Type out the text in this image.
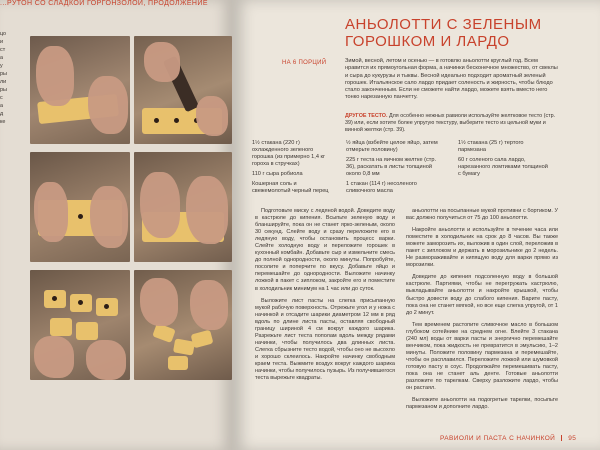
...РУТОН СО СЛАДКОЙ ГОРГОНЗОЛОЙ, ПРОДОЛЖЕНИЕ
цо
и
ст
а
у
ры
ли
ры
с
а
д
ке
АНЬОЛОТТИ С ЗЕЛЕНЫМ ГОРОШКОМ И ЛАРДО
НА 6 ПОРЦИЙ	Зимой, весной, летом и осенью — в готовлю аньолотти круглый год. Всем нравится их прямоугольная форма, а начинки бесконечное множество, от свеклы и сыра до кукурузы и тыквы. Весной идеально подходит ароматный зеленый горошек. Итальянское сало лардо придает соленость и жирность, чтобы блюдо стало законченным. Если не сможете найти лардо, можете взять вместо него тонко нарезанную панчетту.
ДРУГОЕ ТЕСТО. Для особенно нежных равиоли используйте желтковое тесто (стр. 39) или, если хотите более упругую текстуру, выберите тесто из цельной муки и винной желтки (стр. 39).
1½ стакана (220 г) охлажденного зеленого горошка (из примерно 1,4 кг гороха в стручках)
110 г сыра робиола
Кошерная соль и свежемолотый черный перец
½ яйца (взбейте целое яйцо, затем отмерьте половину)
225 г теста на яичном желтке (стр. 36), раскатать в листы толщиной около 0,8 мм
1 стакан (114 г) несоленого сливочного масла
1½ стакана (25 г) тертого пармезана
60 г соленого сала лардо, нарезанного ломтиками толщиной с бумагу

Подготовьте миску с ледяной водой. Доведите воду в кастрюле до кипения. Всыпьте зеленую воду и бланшируйте, пока он не станет ярко-зеленым, около 30 секунд. Слейте воду и сразу переложите его в ледяную воду, чтобы остановить процесс варки. Слейте холодную воду и переложите горошек в кухонный комбайн. Добавьте сыр и измельчите смесь до полной однородности, около минуты. Попробуйте, посолите и поперчите по вкусу. Добавьте яйцо и перемешайте до однородности. Выложите начинку ложкой в пакет с зиплоком, закройте его и поместите в холодильник минимум на 1 час или до суток.

Выложите лист пасты на слегка присыпанную мукой рабочую поверхность. Отрежьте угол и у ножа с начинкой и отсадите шарики диаметром 12 мм в ряд вдоль по длине листа пасты, оставляя свободный границу шириной 4 см вокруг каждого шарика. Разрежьте лист теста пополам вдоль между рядами начинки, чтобы получилось два длинных листа. Слегка сбрызните тесто водой, чтобы оно не высохло и хорошо склеилось. Накройте начинку свободным краем теста. Выжмите воздух вокруг каждого шарика начинки, чтобы получилось пузырь. Из получившегося теста вырежьте квадраты.

аньолотти на посыпанные мукой противни с бортиком. У вас должно получиться от 75 до 100 аньолотти.

Накройте аньолотти и используйте в течение часа или поместите в холодильник на срок до 8 часов. Вы также можете заморозить их, выложив в один слой, переложив в пакет с зиплоком и держать в морозильнике до 2 недель. Не размораживайте и кипящую воду для варки прямо из морозилки.

Доведите до кипения подсоленную воду в большой кастрюле. Партиями, чтобы не перегружать кастрюлю, выкладывайте аньолотти и накройте крышкой, чтобы быстро довести воду до слабого кипения. Варите пасту, пока она не станет мягкой, но все еще слегка упругой, от 1 до 2 минут.

Тем временем растопите сливочное масло в большом глубоком сотейнике на среднем огне. Влейте 3 стакана (240 мл) воды от варки пасты и энергично перемешайте венчиком, пока жидкость не превратится в эмульсию, 1–2 минуты. Положите половину пармезана и перемешайте, чтобы он расплавился. Переложите ложкой или шумовкой готовую пасту в соус. Продолжайте перемешивать пасту, пока она не станет аль денте. Готовые аньолотти разложите по тарелкам. Сверху разложите лардо, чтобы он растаял.

Выложите аньолотти на подогретые тарелки, посыпьте пармезаном и дополните лардо.

РАВИОЛИ И ПАСТА С НАЧИНКОЙ 95
